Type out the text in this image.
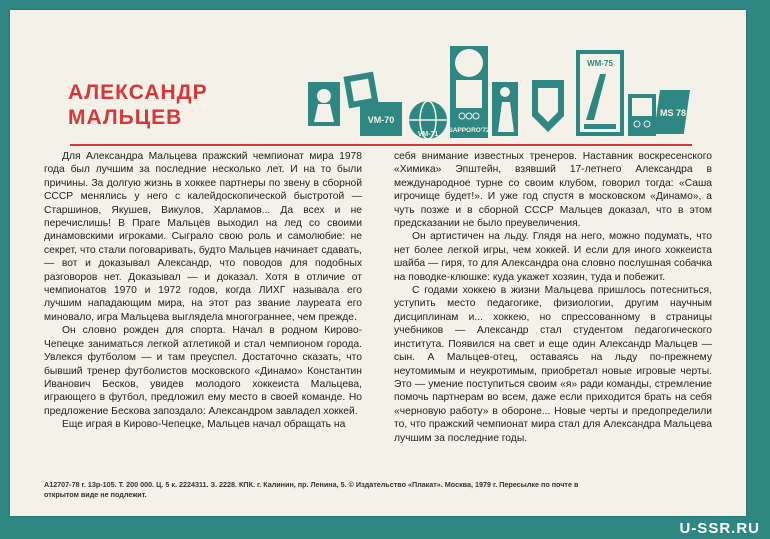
АЛЕКСАНДР
МАЛЬЦЕВ	VM-70
VM-71
SAPPORO'72
WM-75
MS 78

Для Александра Мальцева пражский чемпионат мира 1978 года был лучшим за последние несколько лет. И на то были причины. За долгую жизнь в хоккее партнеры по звену в сборной СССР менялись у него с калейдоскопической быстротой — Старшинов, Якушев, Викулов, Харламов... Да всех и не перечислишь! В Праге Мальцев выходил на лед со своими динамовскими игроками. Сыграло свою роль и самолюбие: не секрет, что стали поговаривать, будто Мальцев начинает сдавать,— вот и доказывал Александр, что поводов для подобных разговоров нет. Доказывал — и доказал. Хотя в отличие от чемпионатов 1970 и 1972 годов, когда ЛИХГ называла его лучшим нападающим мира, на этот раз звание лауреата его миновало, игра Мальцева выглядела многограннее, чем прежде.

Он словно рожден для спорта. Начал в родном Кирово-Чепецке заниматься легкой атлетикой и стал чемпионом города. Увлекся футболом — и там преуспел. Достаточно сказать, что бывший тренер футболистов московского «Динамо» Константин Иванович Бесков, увидев молодого хоккеиста Мальцева, играющего в футбол, предложил ему место в своей команде. Но предложение Бескова запоздало: Александром завладел хоккей.

Еще играя в Кирово-Чепецке, Мальцев начал обращать на

себя внимание известных тренеров. Наставник воскресенского «Химика» Эпштейн, взявший 17-летнего Александра в международное турне со своим клубом, говорил тогда: «Саша игрочище будет!». И уже год спустя в московском «Динамо», а чуть позже и в сборной СССР Мальцев доказал, что в этом предсказании не было преувеличения.

Он артистичен на льду. Глядя на него, можно подумать, что нет более легкой игры, чем хоккей. И если для иного хоккеиста шайба — гиря, то для Александра она словно послушная собачка на поводке-клюшке: куда укажет хозяин, туда и побежит.

С годами хоккею в жизни Мальцева пришлось потесниться, уступить место педагогике, физиологии, другим научным дисциплинам и... хоккею, но спрессованному в страницы учебников — Александр стал студентом педагогического института. Появился на свет и еще один Александр Мальцев — сын. А Мальцев-отец, оставаясь на льду по-прежнему неутомимым и неукротимым, приобретал новые игровые черты. Это — умение поступиться своим «я» ради команды, стремление помочь партнерам во всем, даже если приходится брать на себя «черновую работу» в обороне... Новые черты и предопределили то, что пражский чемпионат мира стал для Александра Мальцева лучшим за последние годы.

А12707-78 г. 13р-105. Т. 200 000. Ц. 5 к. 2224311. З. 2228. КПК. г. Калинин, пр. Ленина, 5. © Издательство «Плакат». Москва, 1979 г. Пересылке по почте в
открытом виде не подлежит.
U-SSR.RU
